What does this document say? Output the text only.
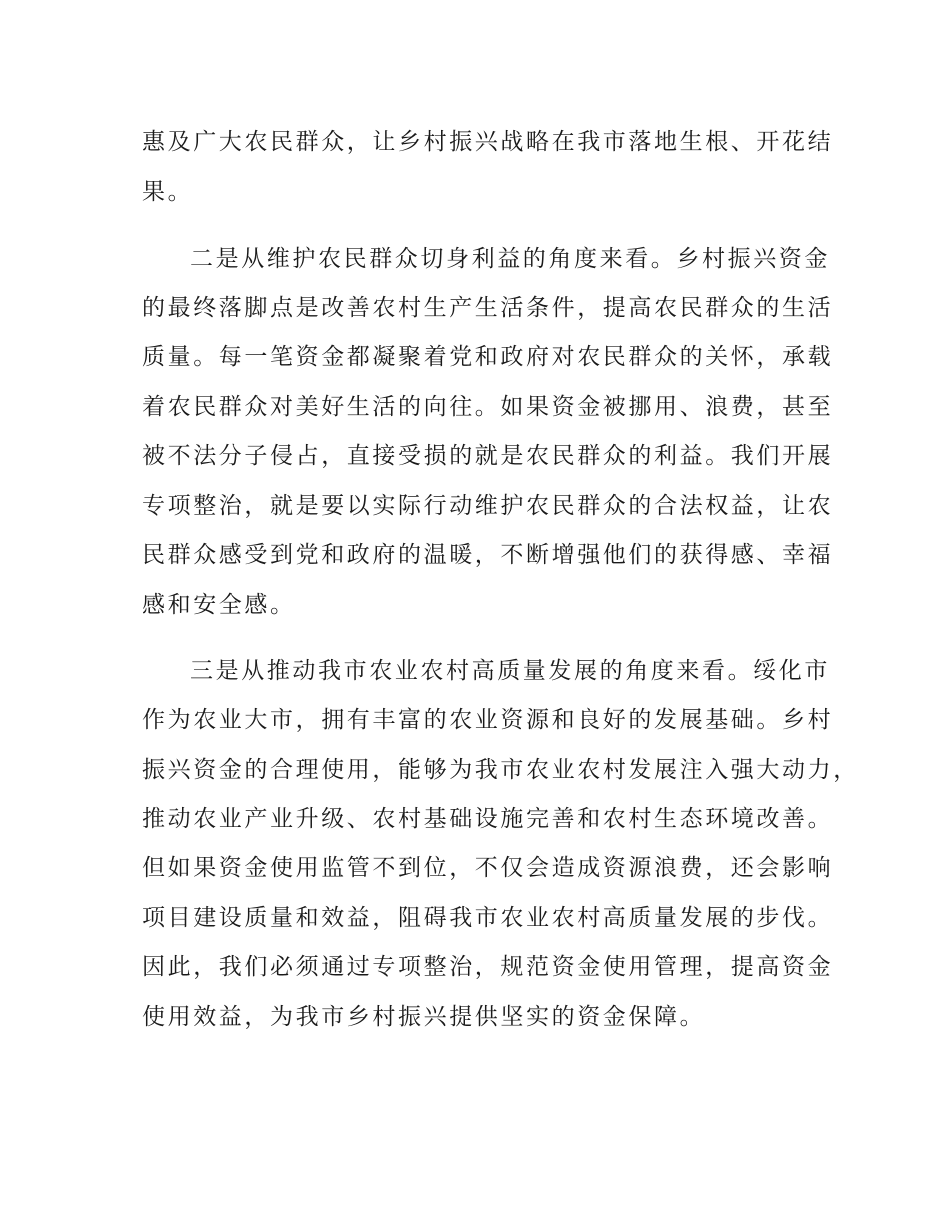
惠及广大农民群众，让乡村振兴战略在我市落地生根、开花结
果。
二是从维护农民群众切身利益的角度来看。乡村振兴资金
的最终落脚点是改善农村生产生活条件，提高农民群众的生活
质量。每一笔资金都凝聚着党和政府对农民群众的关怀，承载
着农民群众对美好生活的向往。如果资金被挪用、浪费，甚至
被不法分子侵占，直接受损的就是农民群众的利益。我们开展
专项整治，就是要以实际行动维护农民群众的合法权益，让农
民群众感受到党和政府的温暖，不断增强他们的获得感、幸福
感和安全感。
三是从推动我市农业农村高质量发展的角度来看。绥化市
作为农业大市，拥有丰富的农业资源和良好的发展基础。乡村
振兴资金的合理使用，能够为我市农业农村发展注入强大动力，
推动农业产业升级、农村基础设施完善和农村生态环境改善。
但如果资金使用监管不到位，不仅会造成资源浪费，还会影响
项目建设质量和效益，阻碍我市农业农村高质量发展的步伐。
因此，我们必须通过专项整治，规范资金使用管理，提高资金
使用效益，为我市乡村振兴提供坚实的资金保障。
